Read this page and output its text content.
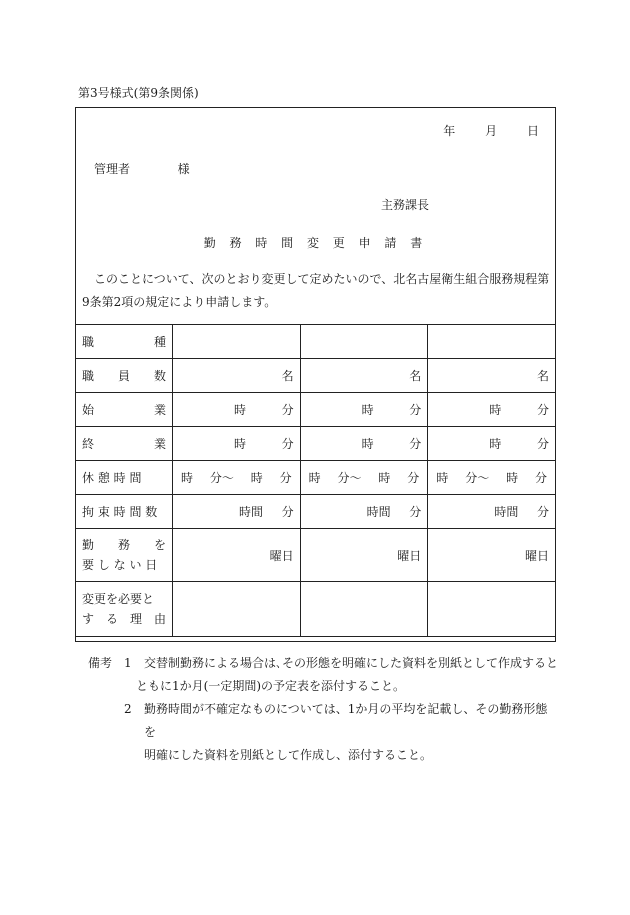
第3号様式(第9条関係)
年 月 日
管理者	様
主務課長
勤 務 時 間 変 更 申 請 書
このことについて、次のとおり変更して定めたいので、北名古屋衛生組合服務規程第9条第2項の規定により申請します。
職 種			

職 員 数	名	名	名

始 業	時 分	時 分	時 分

終 業	時 分	時 分	時 分

休 憩 時 間	時 分〜 時 分	時 分〜 時 分	時 分〜 時 分

拘 束 時 間 数	時間 分	時間 分	時間 分

勤 務 を
要 し な い 日	曜日	曜日	曜日

変更を必要と
す る 理 由			

備考 1	交替制勤務による場合は､その形態を明確にした資料を別紙として作成すると
ともに1か月(一定期間)の予定表を添付すること。
2	勤務時間が不確定なものについては、1か月の平均を記載し、その勤務形態を
明確にした資料を別紙として作成し、添付すること。
